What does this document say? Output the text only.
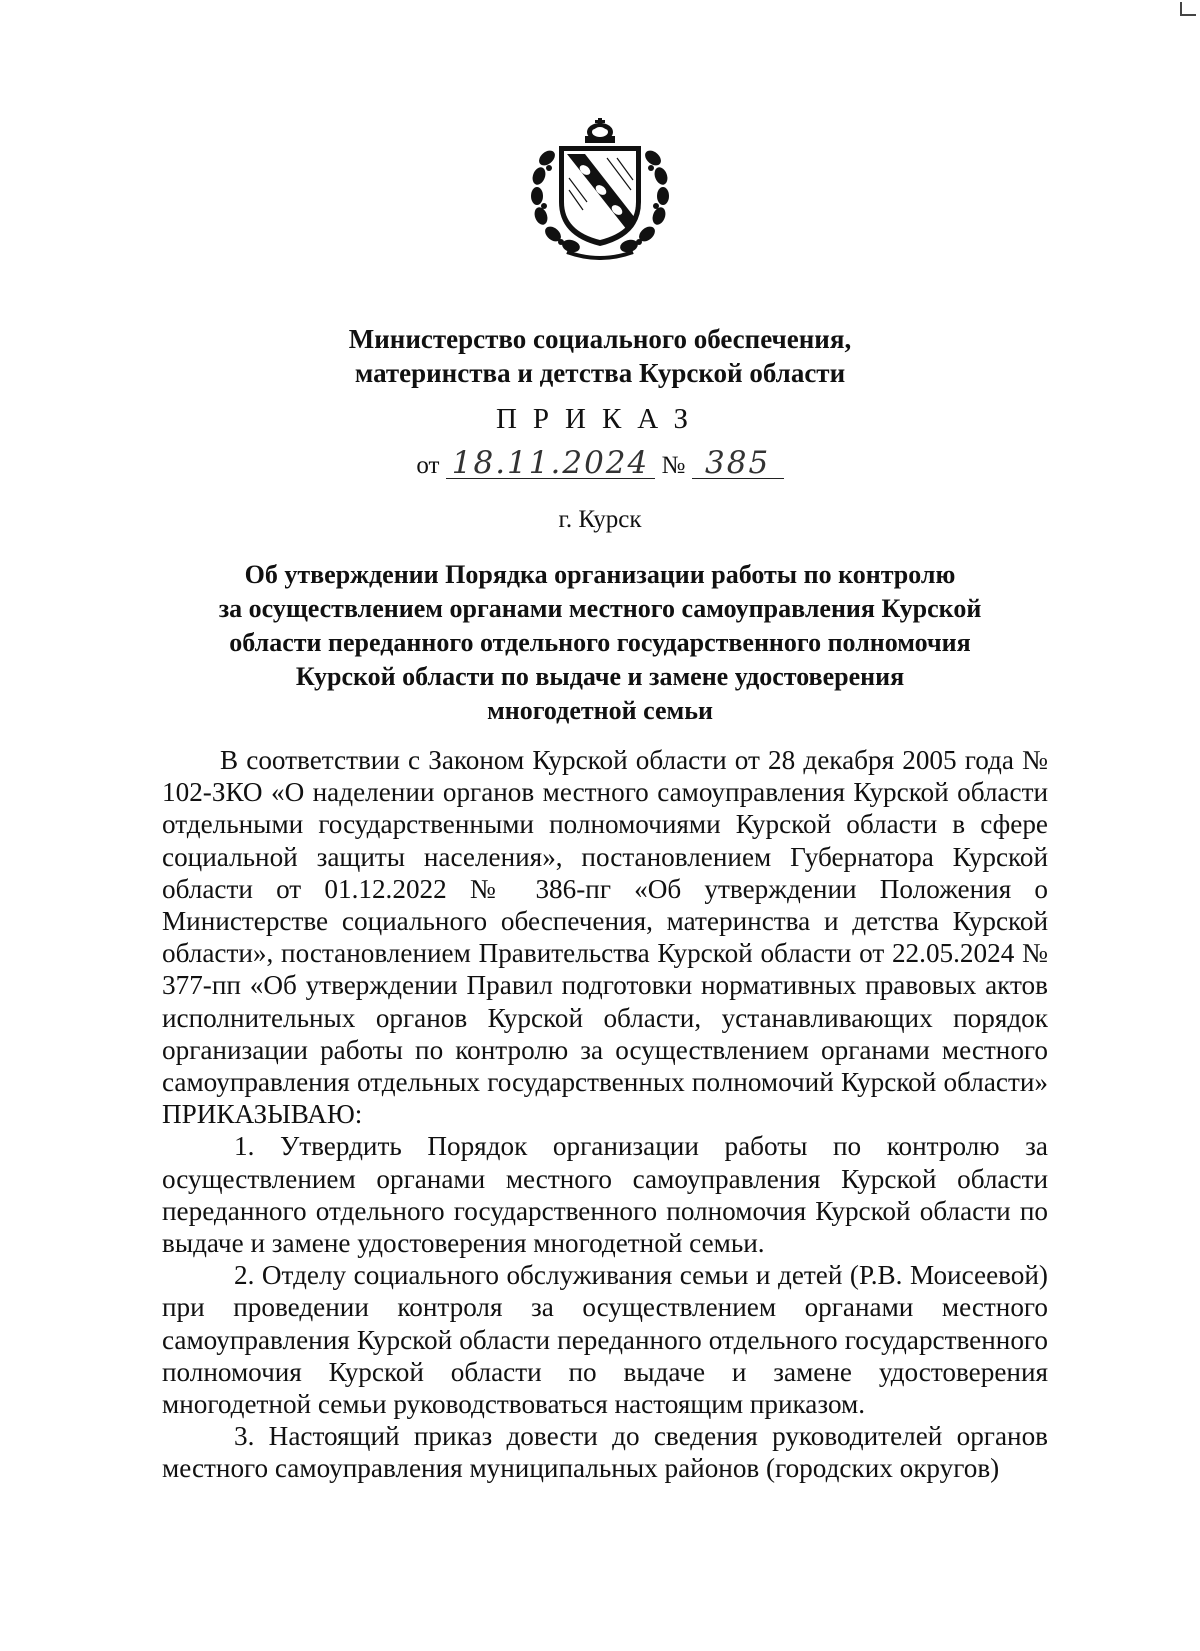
Министерство социального обеспечения,
материнства и детства Курской области
ПРИКАЗ
от 18.11.2024 № 385
г. Курск
Об утверждении Порядка организации работы по контролю
за осуществлением органами местного самоуправления Курской
области переданного отдельного государственного полномочия
Курской области по выдаче и замене удостоверения
многодетной семьи

В соответствии с Законом Курской области от 28 декабря 2005 года № 102-ЗКО «О наделении органов местного самоуправления Курской области отдельными государственными полномочиями Курской области в сфере социальной защиты населения», постановлением Губернатора Курской области от 01.12.2022 № 386-пг «Об утверждении Положения о Министерстве социального обеспечения, материнства и детства Курской области», постановлением Правительства Курской области от 22.05.2024 № 377-пп «Об утверждении Правил подготовки нормативных правовых актов исполнительных органов Курской области, устанавливающих порядок организации работы по контролю за осуществлением органами местного самоуправления отдельных государственных полномочий Курской области» ПРИКАЗЫВАЮ:

1. Утвердить Порядок организации работы по контролю за осуществлением органами местного самоуправления Курской области переданного отдельного государственного полномочия Курской области по выдаче и замене удостоверения многодетной семьи.

2. Отделу социального обслуживания семьи и детей (Р.В. Моисеевой) при проведении контроля за осуществлением органами местного самоуправления Курской области переданного отдельного государственного полномочия Курской области по выдаче и замене удостоверения многодетной семьи руководствоваться настоящим приказом.

3. Настоящий приказ довести до сведения руководителей органов местного самоуправления муниципальных районов (городских округов)
